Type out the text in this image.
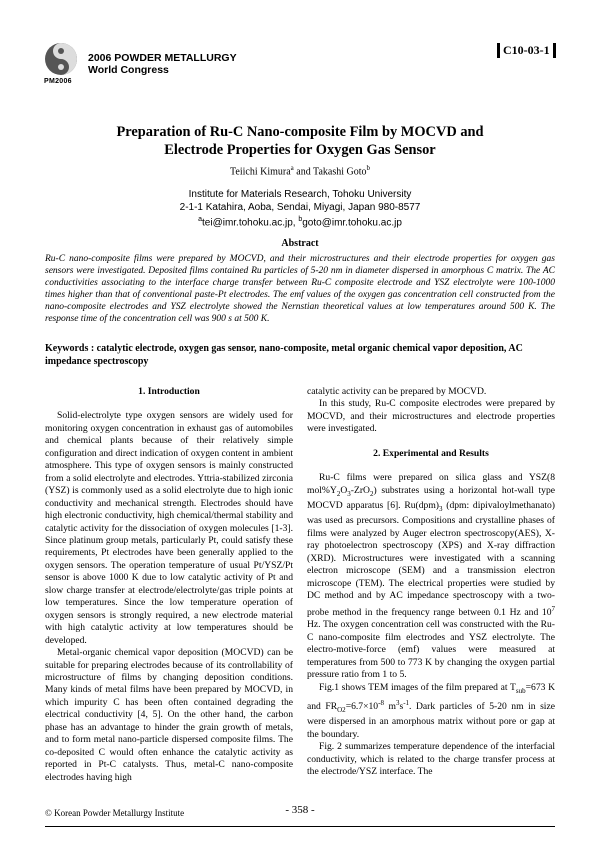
PM2006
2006 POWDER METALLURGY
World Congress
C10-03-1
Preparation of Ru-C Nano-composite Film by MOCVD and
Electrode Properties for Oxygen Gas Sensor
Teiichi Kimura$^a$ and Takashi Goto$^b$
Institute for Materials Research, Tohoku University
2-1-1 Katahira, Aoba, Sendai, Miyagi, Japan 980-8577
$^a$tei@imr.tohoku.ac.jp, $^b$goto@imr.tohoku.ac.jp
Abstract
Ru-C nano-composite films were prepared by MOCVD, and their microstructures and their electrode properties for oxygen gas sensors were investigated. Deposited films contained Ru particles of 5-20 nm in diameter dispersed in amorphous C matrix. The AC conductivities associating to the interface charge transfer between Ru-C composite electrode and YSZ electrolyte were 100-1000 times higher than that of conventional paste-Pt electrodes. The emf values of the oxygen gas concentration cell constructed from the nano-composite electrodes and YSZ electrolyte showed the Nernstian theoretical values at low temperatures around 500 K. The response time of the concentration cell was 900 s at 500 K.
Keywords : catalytic electrode, oxygen gas sensor, nano-composite, metal organic chemical vapor deposition, AC impedance spectroscopy
1. Introduction

Solid-electrolyte type oxygen sensors are widely used for monitoring oxygen concentration in exhaust gas of automobiles and chemical plants because of their relatively simple configuration and direct indication of oxygen content in ambient atmosphere. This type of oxygen sensors is mainly constructed from a solid electrolyte and electrodes. Yttria-stabilized zirconia (YSZ) is commonly used as a solid electrolyte due to high ionic conductivity and mechanical strength. Electrodes should have high electronic conductivity, high chemical/thermal stability and catalytic activity for the dissociation of oxygen molecules [1-3]. Since platinum group metals, particularly Pt, could satisfy these requirements, Pt electrodes have been generally applied to the oxygen sensors. The operation temperature of usual Pt/YSZ/Pt sensor is above 1000 K due to low catalytic activity of Pt and slow charge transfer at electrode/electrolyte/gas triple points at low temperatures. Since the low temperature operation of oxygen sensors is strongly required, a new electrode material with high catalytic activity at low temperatures should be developed.

Metal-organic chemical vapor deposition (MOCVD) can be suitable for preparing electrodes because of its controllability of microstructure of films by changing deposition conditions. Many kinds of metal films have been prepared by MOCVD, in which impurity C has been often contained degrading the electrical conductivity [4, 5]. On the other hand, the carbon phase has an advantage to hinder the grain growth of metals, and to form metal nano-particle dispersed composite films. The co-deposited C would often enhance the catalytic activity as reported in Pt-C catalysts. Thus, metal-C nano-composite electrodes having high

catalytic activity can be prepared by MOCVD.

In this study, Ru-C composite electrodes were prepared by MOCVD, and their microstructures and electrode properties were investigated.

2. Experimental and Results

Ru-C films were prepared on silica glass and YSZ(8 $mol\%Y_2O_3-ZrO_2$) substrates using a horizontal hot-wall type MOCVD apparatus [6]. $Ru(dpm)_3$ (dpm: dipivaloylmethanato) was used as precursors. Compositions and crystalline phases of films were analyzed by Auger electron spectroscopy(AES), X-ray photoelectron spectroscopy (XPS) and X-ray diffraction (XRD). Microstructures were investigated with a scanning electron microscope (SEM) and a transmission electron microscope (TEM). The electrical properties were studied by DC method and by AC impedance spectroscopy with a two-probe method in the frequency range between 0.1 Hz and $10^7$ Hz. The oxygen concentration cell was constructed with the Ru-C nano-composite film electrodes and YSZ electrolyte. The electro-motive-force (emf) values were measured at temperatures from 500 to 773 K by changing the oxygen partial pressure ratio from 1 to 5.

Fig.1 shows TEM images of the film prepared at $T_{sub}=673$ K and $FR_{O2}=6.7\times 10^{-8}$ $m^3s^{-1}$. Dark particles of 5-20 nm in size were dispersed in an amorphous matrix without pore or gap at the boundary.

Fig. 2 summarizes temperature dependence of the interfacial conductivity, which is related to the charge transfer process at the electrode/YSZ interface. The

© Korean Powder Metallurgy Institute	- 358 -
